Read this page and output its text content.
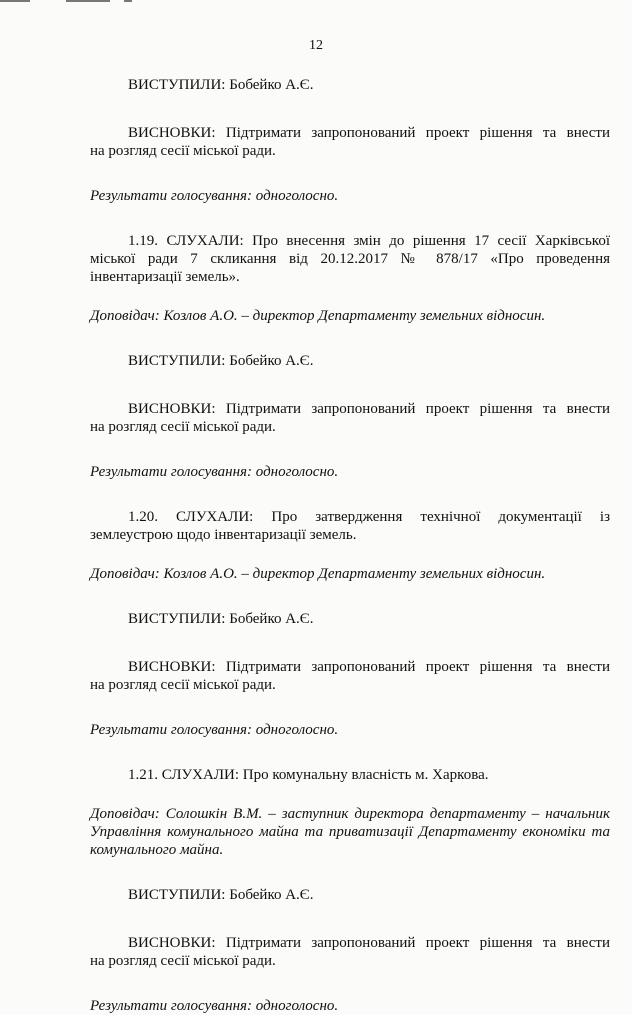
12

ВИСТУПИЛИ: Бобейко А.Є.

ВИСНОВКИ: Підтримати запропонований проект рішення та внести

на розгляд сесії міської ради.

Результати голосування: одноголосно.

1.19. СЛУХАЛИ: Про внесення змін до рішення 17 сесії Харківської міської ради 7 скликання від 20.12.2017 № 878/17 «Про проведення інвентаризації земель».

Доповідач: Козлов А.О. – директор Департаменту земельних відносин.

ВИСТУПИЛИ: Бобейко А.Є.

ВИСНОВКИ: Підтримати запропонований проект рішення та внести

на розгляд сесії міської ради.

Результати голосування: одноголосно.

1.20. СЛУХАЛИ: Про затвердження технічної документації із

землеустрою щодо інвентаризації земель.

Доповідач: Козлов А.О. – директор Департаменту земельних відносин.

ВИСТУПИЛИ: Бобейко А.Є.

ВИСНОВКИ: Підтримати запропонований проект рішення та внести

на розгляд сесії міської ради.

Результати голосування: одноголосно.

1.21. СЛУХАЛИ: Про комунальну власність м. Харкова.

Доповідач: Солошкін В.М. – заступник директора департаменту – начальник Управління комунального майна та приватизації Департаменту економіки та комунального майна.

ВИСТУПИЛИ: Бобейко А.Є.

ВИСНОВКИ: Підтримати запропонований проект рішення та внести

на розгляд сесії міської ради.

Результати голосування: одноголосно.
